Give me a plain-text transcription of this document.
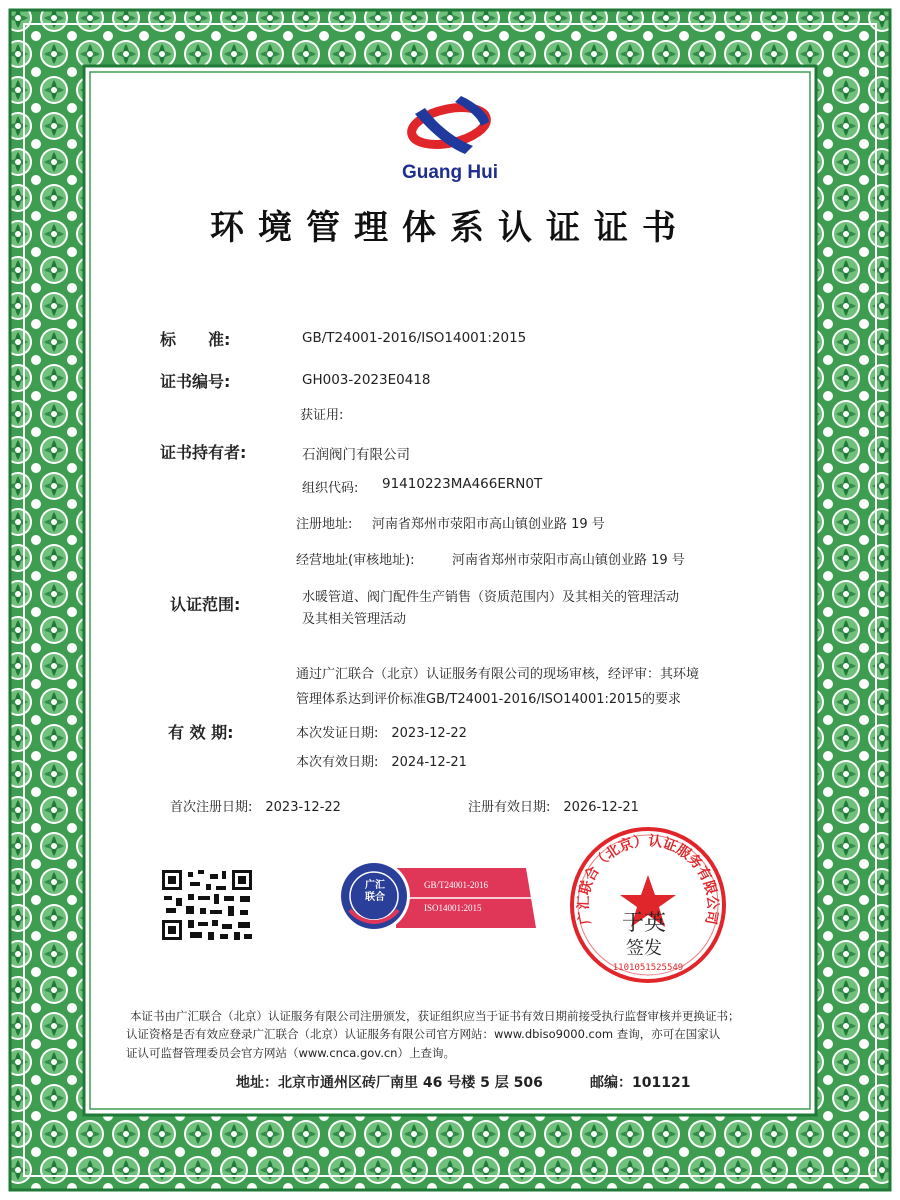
Guang Hui
环境管理体系认证证书
标　　准:	GB/T24001-2016/ISO14001:2015
证书编号:	GH003-2023E0418
获证用:
证书持有者:	石润阀门有限公司
组织代码: 91410223MA466ERN0T
注册地址: 河南省郑州市荥阳市高山镇创业路 19 号
经营地址(审核地址):	河南省郑州市荥阳市高山镇创业路 19 号
认证范围:	水暖管道、阀门配件生产销售（资质范围内）及其相关的管理活动
及其相关管理活动
通过广汇联合（北京）认证服务有限公司的现场审核，经评审：其环境
管理体系达到评价标准GB/T24001-2016/ISO14001:2015的要求
有 效 期:	本次发证日期:　2023-12-22
本次有效日期:　2024-12-21
首次注册日期:　2023-12-22	注册有效日期:　2026-12-21
广汇联合
GB/T24001-2016
ISO14001:2015
广汇联合（北京）认证服务有限公司
1101051525549
于英
签发
本证书由广汇联合（北京）认证服务有限公司注册颁发，获证组织应当于证书有效日期前接受执行监督审核并更换证书；
认证资格是否有效应登录广汇联合（北京）认证服务有限公司官方网站：www.dbiso9000.com 查询，亦可在国家认
证认可监督管理委员会官方网站（www.cnca.gov.cn）上查询。
地址：北京市通州区砖厂南里 46 号楼 5 层 506	邮编：101121
